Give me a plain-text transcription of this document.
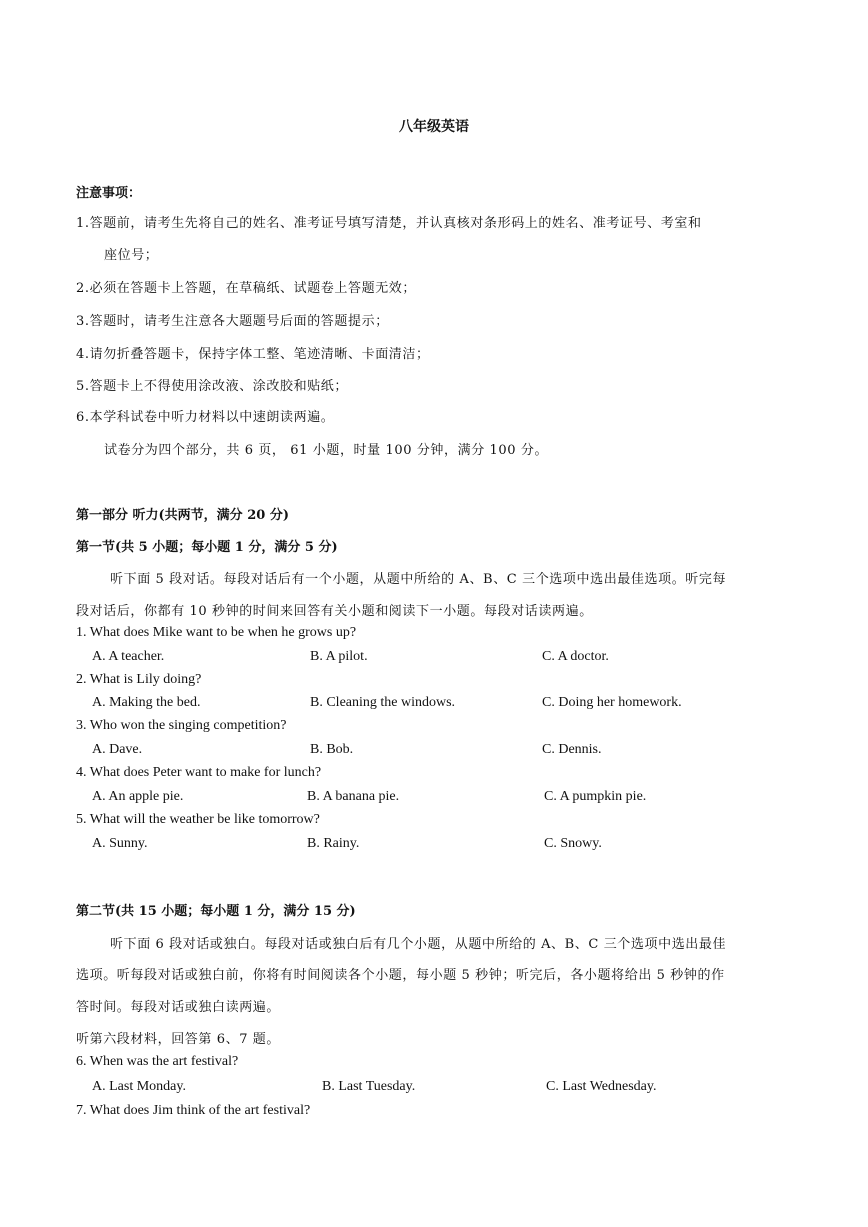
八年级英语
注意事项：
1.答题前，请考生先将自己的姓名、准考证号填写清楚，并认真核对条形码上的姓名、准考证号、考室和
座位号；
2.必须在答题卡上答题，在草稿纸、试题卷上答题无效；
3.答题时，请考生注意各大题题号后面的答题提示；
4.请勿折叠答题卡，保持字体工整、笔迹清晰、卡面清洁；
5.答题卡上不得使用涂改液、涂改胶和贴纸；
6.本学科试卷中听力材料以中速朗读两遍。
试卷分为四个部分，共 6 页， 61 小题，时量 100 分钟，满分 100 分。
第一部分 听力(共两节，满分 20 分)
第一节(共 5 小题；每小题 1 分，满分 5 分)
听下面 5 段对话。每段对话后有一个小题，从题中所给的 A、B、C 三个选项中选出最佳选项。听完每
段对话后，你都有 10 秒钟的时间来回答有关小题和阅读下一小题。每段对话读两遍。
1. What does Mike want to be when he grows up?
A. A teacher.	B. A pilot.	C. A doctor.
2. What is Lily doing?
A. Making the bed.	B. Cleaning the windows.	C. Doing her homework.
3. Who won the singing competition?
A. Dave.	B. Bob.	C. Dennis.
4. What does Peter want to make for lunch?
A. An apple pie.	B. A banana pie.	C. A pumpkin pie.
5. What will the weather be like tomorrow?
A. Sunny.	B. Rainy.	C. Snowy.
第二节(共 15 小题；每小题 1 分，满分 15 分)
听下面 6 段对话或独白。每段对话或独白后有几个小题，从题中所给的 A、B、C 三个选项中选出最佳
选项。听每段对话或独白前，你将有时间阅读各个小题，每小题 5 秒钟；听完后，各小题将给出 5 秒钟的作
答时间。每段对话或独白读两遍。
听第六段材料，回答第 6、7 题。
6. When was the art festival?
A. Last Monday.	B. Last Tuesday.	C. Last Wednesday.
7. What does Jim think of the art festival?
